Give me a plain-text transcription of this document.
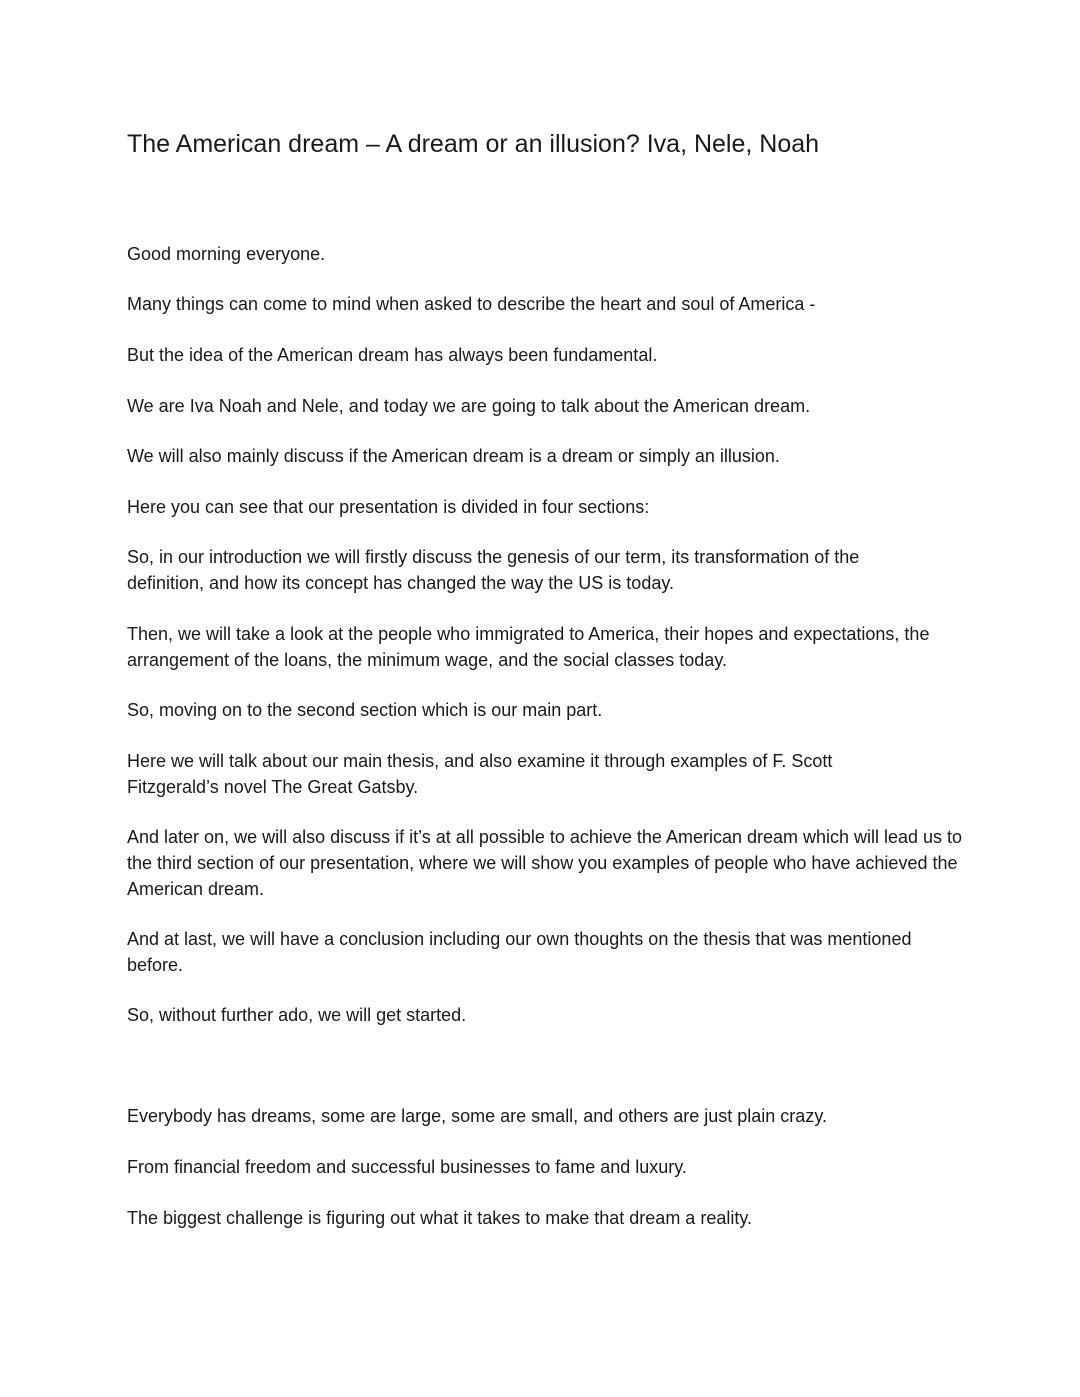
The American dream – A dream or an illusion? Iva, Nele, Noah

Good morning everyone.

Many things can come to mind when asked to describe the heart and soul of America -

But the idea of the American dream has always been fundamental.

We are Iva Noah and Nele, and today we are going to talk about the American dream.

We will also mainly discuss if the American dream is a dream or simply an illusion.

Here you can see that our presentation is divided in four sections:

So, in our introduction we will firstly discuss the genesis of our term, its transformation of the definition, and how its concept has changed the way the US is today.

Then, we will take a look at the people who immigrated to America, their hopes and expectations, the arrangement of the loans, the minimum wage, and the social classes today.

So, moving on to the second section which is our main part.

Here we will talk about our main thesis, and also examine it through examples of F. Scott Fitzgerald’s novel The Great Gatsby.

And later on, we will also discuss if it’s at all possible to achieve the American dream which will lead us to the third section of our presentation, where we will show you examples of people who have achieved the American dream.

And at last, we will have a conclusion including our own thoughts on the thesis that was mentioned before.

So, without further ado, we will get started.

Everybody has dreams, some are large, some are small, and others are just plain crazy.

From financial freedom and successful businesses to fame and luxury.

The biggest challenge is figuring out what it takes to make that dream a reality.
